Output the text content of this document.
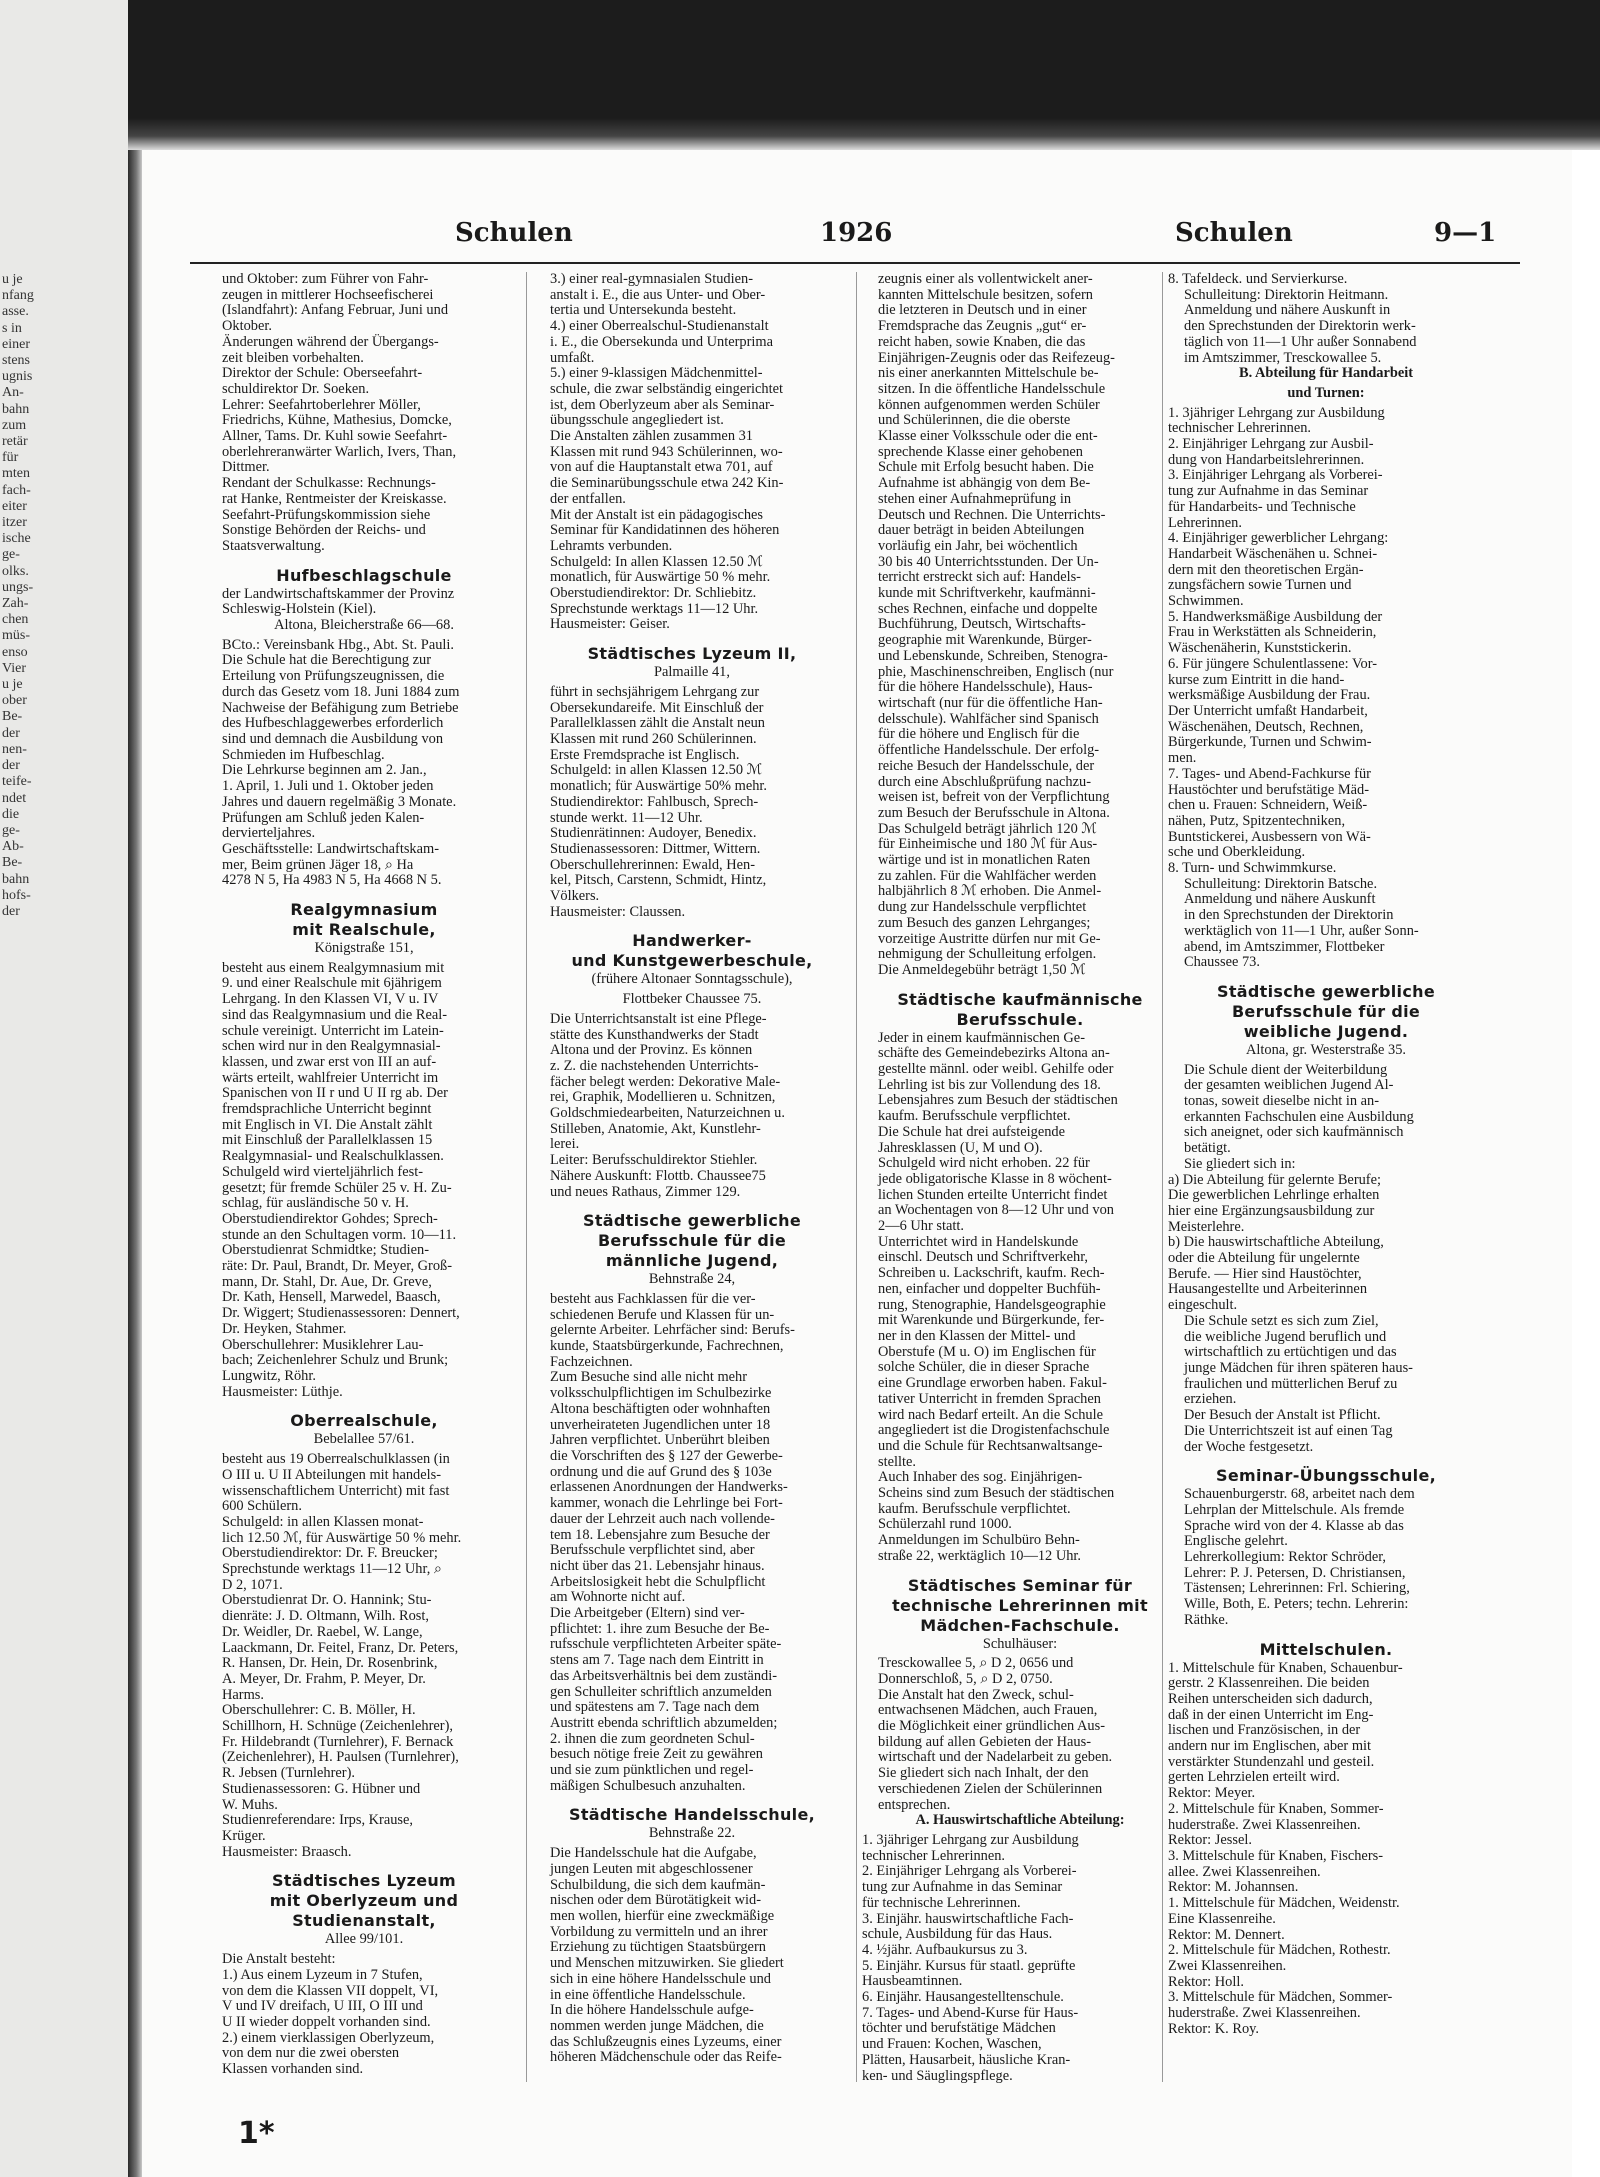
u je
nfang
asse.
s in
einer
stens
ugnis
An-
bahn
zum
retär
für
mten
fach-
eiter
itzer
ische
ge-
olks.
ungs-
Zah-
chen
müs-
enso
Vier
u je
ober
Be-
der
nen-
der
teife-
ndet
die
ge-
Ab-
Be-
bahn
hofs-
der
Schulen	1926	Schulen	9—1
und Oktober: zum Führer von Fahr-
zeugen in mittlerer Hochseefischerei
(Islandfahrt): Anfang Februar, Juni und
Oktober.
Änderungen während der Übergangs-
zeit bleiben vorbehalten.
Direktor der Schule: Oberseefahrt-
schuldirektor Dr. Soeken.
Lehrer: Seefahrtoberlehrer Möller,
Friedrichs, Kühne, Mathesius, Domcke,
Allner, Tams. Dr. Kuhl sowie Seefahrt-
oberlehreranwärter Warlich, Ivers, Than,
Dittmer.
Rendant der Schulkasse: Rechnungs-
rat Hanke, Rentmeister der Kreiskasse.
Seefahrt-Prüfungskommission siehe
Sonstige Behörden der Reichs- und
Staatsverwaltung.
Hufbeschlagschule
der Landwirtschaftskammer der Provinz
Schleswig-Holstein (Kiel).

Altona, Bleicherstraße 66—68.

BCto.: Vereinsbank Hbg., Abt. St. Pauli.
Die Schule hat die Berechtigung zur
Erteilung von Prüfungszeugnissen, die
durch das Gesetz vom 18. Juni 1884 zum
Nachweise der Befähigung zum Betriebe
des Hufbeschlaggewerbes erforderlich
sind und demnach die Ausbildung von
Schmieden im Hufbeschlag.
Die Lehrkurse beginnen am 2. Jan.,
1. April, 1. Juli und 1. Oktober jeden
Jahres und dauern regelmäßig 3 Monate.
Prüfungen am Schluß jeden Kalen-
dervierteljahres.
Geschäftsstelle: Landwirtschaftskam-
mer, Beim grünen Jäger 18, ⌕ Ha
4278 N 5, Ha 4983 N 5, Ha 4668 N 5.
Realgymnasium
mit Realschule,

Königstraße 151,

besteht aus einem Realgymnasium mit
9. und einer Realschule mit 6jährigem
Lehrgang. In den Klassen VI, V u. IV
sind das Realgymnasium und die Real-
schule vereinigt. Unterricht im Latein-
schen wird nur in den Realgymnasial-
klassen, und zwar erst von III an auf-
wärts erteilt, wahlfreier Unterricht im
Spanischen von II r und U II rg ab. Der
fremdsprachliche Unterricht beginnt
mit Englisch in VI. Die Anstalt zählt
mit Einschluß der Parallelklassen 15
Realgymnasial- und Realschulklassen.
Schulgeld wird vierteljährlich fest-
gesetzt; für fremde Schüler 25 v. H. Zu-
schlag, für ausländische 50 v. H.
Oberstudiendirektor Gohdes; Sprech-
stunde an den Schultagen vorm. 10—11.
Oberstudienrat Schmidtke; Studien-
räte: Dr. Paul, Brandt, Dr. Meyer, Groß-
mann, Dr. Stahl, Dr. Aue, Dr. Greve,
Dr. Kath, Hensell, Marwedel, Baasch,
Dr. Wiggert; Studienassessoren: Dennert,
Dr. Heyken, Stahmer.
Oberschullehrer: Musiklehrer Lau-
bach; Zeichenlehrer Schulz und Brunk;
Lungwitz, Röhr.
Hausmeister: Lüthje.
Oberrealschule,

Bebelallee 57/61.

besteht aus 19 Oberrealschulklassen (in
O III u. U II Abteilungen mit handels-
wissenschaftlichem Unterricht) mit fast
600 Schülern.
Schulgeld: in allen Klassen monat-
lich 12.50 ℳ, für Auswärtige 50 % mehr.
Oberstudiendirektor: Dr. F. Breucker;
Sprechstunde werktags 11—12 Uhr, ⌕
D 2, 1071.
Oberstudienrat Dr. O. Hannink; Stu-
dienräte: J. D. Oltmann, Wilh. Rost,
Dr. Weidler, Dr. Raebel, W. Lange,
Laackmann, Dr. Feitel, Franz, Dr. Peters,
R. Hansen, Dr. Hein, Dr. Rosenbrink,
A. Meyer, Dr. Frahm, P. Meyer, Dr.
Harms.
Oberschullehrer: C. B. Möller, H.
Schillhorn, H. Schnüge (Zeichenlehrer),
Fr. Hildebrandt (Turnlehrer), F. Bernack
(Zeichenlehrer), H. Paulsen (Turnlehrer),
R. Jebsen (Turnlehrer).
Studienassessoren: G. Hübner und
W. Muhs.
Studienreferendare: Irps, Krause,
Krüger.
Hausmeister: Braasch.
Städtisches Lyzeum
mit Oberlyzeum und
Studienanstalt,

Allee 99/101.

Die Anstalt besteht:
1.) Aus einem Lyzeum in 7 Stufen,
von dem die Klassen VII doppelt, VI,
V und IV dreifach, U III, O III und
U II wieder doppelt vorhanden sind.
2.) einem vierklassigen Oberlyzeum,
von dem nur die zwei obersten
Klassen vorhanden sind.
3.) einer real-gymnasialen Studien-
anstalt i. E., die aus Unter- und Ober-
tertia und Untersekunda besteht.
4.) einer Oberrealschul-Studienanstalt
i. E., die Obersekunda und Unterprima
umfaßt.
5.) einer 9-klassigen Mädchenmittel-
schule, die zwar selbständig eingerichtet
ist, dem Oberlyzeum aber als Seminar-
übungsschule angegliedert ist.
Die Anstalten zählen zusammen 31
Klassen mit rund 943 Schülerinnen, wo-
von auf die Hauptanstalt etwa 701, auf
die Seminarübungsschule etwa 242 Kin-
der entfallen.
Mit der Anstalt ist ein pädagogisches
Seminar für Kandidatinnen des höheren
Lehramts verbunden.
Schulgeld: In allen Klassen 12.50 ℳ
monatlich, für Auswärtige 50 % mehr.
Oberstudiendirektor: Dr. Schliebitz.
Sprechstunde werktags 11—12 Uhr.
Hausmeister: Geiser.
Städtisches Lyzeum II,

Palmaille 41,

führt in sechsjährigem Lehrgang zur
Obersekundareife. Mit Einschluß der
Parallelklassen zählt die Anstalt neun
Klassen mit rund 260 Schülerinnen.
Erste Fremdsprache ist Englisch.
Schulgeld: in allen Klassen 12.50 ℳ
monatlich; für Auswärtige 50% mehr.
Studiendirektor: Fahlbusch, Sprech-
stunde werkt. 11—12 Uhr.
Studienrätinnen: Audoyer, Benedix.
Studienassessoren: Dittmer, Wittern.
Oberschullehrerinnen: Ewald, Hen-
kel, Pitsch, Carstenn, Schmidt, Hintz,
Völkers.
Hausmeister: Claussen.
Handwerker-
und Kunstgewerbeschule,

(frühere Altonaer Sonntagsschule),

Flottbeker Chaussee 75.

Die Unterrichtsanstalt ist eine Pflege-
stätte des Kunsthandwerks der Stadt
Altona und der Provinz. Es können
z. Z. die nachstehenden Unterrichts-
fächer belegt werden: Dekorative Male-
rei, Graphik, Modellieren u. Schnitzen,
Goldschmiedearbeiten, Naturzeichnen u.
Stilleben, Anatomie, Akt, Kunstlehr-
lerei.
Leiter: Berufsschuldirektor Stiehler.
Nähere Auskunft: Flottb. Chaussee75
und neues Rathaus, Zimmer 129.
Städtische gewerbliche
Berufsschule für die
männliche Jugend,

Behnstraße 24,

besteht aus Fachklassen für die ver-
schiedenen Berufe und Klassen für un-
gelernte Arbeiter. Lehrfächer sind: Berufs-
kunde, Staatsbürgerkunde, Fachrechnen,
Fachzeichnen.
Zum Besuche sind alle nicht mehr
volksschulpflichtigen im Schulbezirke
Altona beschäftigten oder wohnhaften
unverheirateten Jugendlichen unter 18
Jahren verpflichtet. Unberührt bleiben
die Vorschriften des § 127 der Gewerbe-
ordnung und die auf Grund des § 103e
erlassenen Anordnungen der Handwerks-
kammer, wonach die Lehrlinge bei Fort-
dauer der Lehrzeit auch nach vollende-
tem 18. Lebensjahre zum Besuche der
Berufsschule verpflichtet sind, aber
nicht über das 21. Lebensjahr hinaus.
Arbeitslosigkeit hebt die Schulpflicht
am Wohnorte nicht auf.
Die Arbeitgeber (Eltern) sind ver-
pflichtet: 1. ihre zum Besuche der Be-
rufsschule verpflichteten Arbeiter späte-
stens am 7. Tage nach dem Eintritt in
das Arbeitsverhältnis bei dem zuständi-
gen Schulleiter schriftlich anzumelden
und spätestens am 7. Tage nach dem
Austritt ebenda schriftlich abzumelden;
2. ihnen die zum geordneten Schul-
besuch nötige freie Zeit zu gewähren
und sie zum pünktlichen und regel-
mäßigen Schulbesuch anzuhalten.
Städtische Handelsschule,

Behnstraße 22.

Die Handelsschule hat die Aufgabe,
jungen Leuten mit abgeschlossener
Schulbildung, die sich dem kaufmän-
nischen oder dem Bürotätigkeit wid-
men wollen, hierfür eine zweckmäßige
Vorbildung zu vermitteln und an ihrer
Erziehung zu tüchtigen Staatsbürgern
und Menschen mitzuwirken. Sie gliedert
sich in eine höhere Handelsschule und
in eine öffentliche Handelsschule.
In die höhere Handelsschule aufge-
nommen werden junge Mädchen, die
das Schlußzeugnis eines Lyzeums, einer
höheren Mädchenschule oder das Reife-
zeugnis einer als vollentwickelt aner-
kannten Mittelschule besitzen, sofern
die letzteren in Deutsch und in einer
Fremdsprache das Zeugnis „gut“ er-
reicht haben, sowie Knaben, die das
Einjährigen-Zeugnis oder das Reifezeug-
nis einer anerkannten Mittelschule be-
sitzen. In die öffentliche Handelsschule
können aufgenommen werden Schüler
und Schülerinnen, die die oberste
Klasse einer Volksschule oder die ent-
sprechende Klasse einer gehobenen
Schule mit Erfolg besucht haben. Die
Aufnahme ist abhängig von dem Be-
stehen einer Aufnahmeprüfung in
Deutsch und Rechnen. Die Unterrichts-
dauer beträgt in beiden Abteilungen
vorläufig ein Jahr, bei wöchentlich
30 bis 40 Unterrichtsstunden. Der Un-
terricht erstreckt sich auf: Handels-
kunde mit Schriftverkehr, kaufmänni-
sches Rechnen, einfache und doppelte
Buchführung, Deutsch, Wirtschafts-
geographie mit Warenkunde, Bürger-
und Lebenskunde, Schreiben, Stenogra-
phie, Maschinenschreiben, Englisch (nur
für die höhere Handelsschule), Haus-
wirtschaft (nur für die öffentliche Han-
delsschule). Wahlfächer sind Spanisch
für die höhere und Englisch für die
öffentliche Handelsschule. Der erfolg-
reiche Besuch der Handelsschule, der
durch eine Abschlußprüfung nachzu-
weisen ist, befreit von der Verpflichtung
zum Besuch der Berufsschule in Altona.
Das Schulgeld beträgt jährlich 120 ℳ
für Einheimische und 180 ℳ für Aus-
wärtige und ist in monatlichen Raten
zu zahlen. Für die Wahlfächer werden
halbjährlich 8 ℳ erhoben. Die Anmel-
dung zur Handelsschule verpflichtet
zum Besuch des ganzen Lehrganges;
vorzeitige Austritte dürfen nur mit Ge-
nehmigung der Schulleitung erfolgen.
Die Anmeldegebühr beträgt 1,50 ℳ
Städtische kaufmännische
Berufsschule.
Jeder in einem kaufmännischen Ge-
schäfte des Gemeindebezirks Altona an-
gestellte männl. oder weibl. Gehilfe oder
Lehrling ist bis zur Vollendung des 18.
Lebensjahres zum Besuch der städtischen
kaufm. Berufsschule verpflichtet.
Die Schule hat drei aufsteigende
Jahresklassen (U, M und O).
Schulgeld wird nicht erhoben. 22 für
jede obligatorische Klasse in 8 wöchent-
lichen Stunden erteilte Unterricht findet
an Wochentagen von 8—12 Uhr und von
2—6 Uhr statt.
Unterrichtet wird in Handelskunde
einschl. Deutsch und Schriftverkehr,
Schreiben u. Lackschrift, kaufm. Rech-
nen, einfacher und doppelter Buchfüh-
rung, Stenographie, Handelsgeographie
mit Warenkunde und Bürgerkunde, fer-
ner in den Klassen der Mittel- und
Oberstufe (M u. O) im Englischen für
solche Schüler, die in dieser Sprache
eine Grundlage erworben haben. Fakul-
tativer Unterricht in fremden Sprachen
wird nach Bedarf erteilt. An die Schule
angegliedert ist die Drogistenfachschule
und die Schule für Rechtsanwaltsange-
stellte.
Auch Inhaber des sog. Einjährigen-
Scheins sind zum Besuch der städtischen
kaufm. Berufsschule verpflichtet.
Schülerzahl rund 1000.
Anmeldungen im Schulbüro Behn-
straße 22, werktäglich 10—12 Uhr.
Städtisches Seminar für
technische Lehrerinnen mit
Mädchen-Fachschule.

Schulhäuser:

Tresckowallee 5, ⌕ D 2, 0656 und
Donnerschloß, 5, ⌕ D 2, 0750.
Die Anstalt hat den Zweck, schul-
entwachsenen Mädchen, auch Frauen,
die Möglichkeit einer gründlichen Aus-
bildung auf allen Gebieten der Haus-
wirtschaft und der Nadelarbeit zu geben.
Sie gliedert sich nach Inhalt, der den
verschiedenen Zielen der Schülerinnen
entsprechen.

A. Hauswirtschaftliche Abteilung:

1. 3jähriger Lehrgang zur Ausbildung
technischer Lehrerinnen.
2. Einjähriger Lehrgang als Vorberei-
tung zur Aufnahme in das Seminar
für technische Lehrerinnen.
3. Einjähr. hauswirtschaftliche Fach-
schule, Ausbildung für das Haus.
4. ½jähr. Aufbaukursus zu 3.
5. Einjähr. Kursus für staatl. geprüfte
Hausbeamtinnen.
6. Einjähr. Hausangestelltenschule.
7. Tages- und Abend-Kurse für Haus-
töchter und berufstätige Mädchen
und Frauen: Kochen, Waschen,
Plätten, Hausarbeit, häusliche Kran-
ken- und Säuglingspflege.
8. Tafeldeck. und Servierkurse.
Schulleitung: Direktorin Heitmann.
Anmeldung und nähere Auskunft in
den Sprechstunden der Direktorin werk-
täglich von 11—1 Uhr außer Sonnabend
im Amtszimmer, Tresckowallee 5.

B. Abteilung für Handarbeit

und Turnen:

1. 3jähriger Lehrgang zur Ausbildung
technischer Lehrerinnen.
2. Einjähriger Lehrgang zur Ausbil-
dung von Handarbeitslehrerinnen.
3. Einjähriger Lehrgang als Vorberei-
tung zur Aufnahme in das Seminar
für Handarbeits- und Technische
Lehrerinnen.
4. Einjähriger gewerblicher Lehrgang:
Handarbeit Wäschenähen u. Schnei-
dern mit den theoretischen Ergän-
zungsfächern sowie Turnen und
Schwimmen.
5. Handwerksmäßige Ausbildung der
Frau in Werkstätten als Schneiderin,
Wäschenäherin, Kunststickerin.
6. Für jüngere Schulentlassene: Vor-
kurse zum Eintritt in die hand-
werksmäßige Ausbildung der Frau.
Der Unterricht umfaßt Handarbeit,
Wäschenähen, Deutsch, Rechnen,
Bürgerkunde, Turnen und Schwim-
men.
7. Tages- und Abend-Fachkurse für
Haustöchter und berufstätige Mäd-
chen u. Frauen: Schneidern, Weiß-
nähen, Putz, Spitzentechniken,
Buntstickerei, Ausbessern von Wä-
sche und Oberkleidung.
8. Turn- und Schwimmkurse.
Schulleitung: Direktorin Batsche.
Anmeldung und nähere Auskunft
in den Sprechstunden der Direktorin
werktäglich von 11—1 Uhr, außer Sonn-
abend, im Amtszimmer, Flottbeker
Chaussee 73.
Städtische gewerbliche
Berufsschule für die
weibliche Jugend.

Altona, gr. Westerstraße 35.

Die Schule dient der Weiterbildung
der gesamten weiblichen Jugend Al-
tonas, soweit dieselbe nicht in an-
erkannten Fachschulen eine Ausbildung
sich aneignet, oder sich kaufmännisch
betätigt.
Sie gliedert sich in:
a) Die Abteilung für gelernte Berufe;
Die gewerblichen Lehrlinge erhalten
hier eine Ergänzungsausbildung zur
Meisterlehre.
b) Die hauswirtschaftliche Abteilung,
oder die Abteilung für ungelernte
Berufe. — Hier sind Haustöchter,
Hausangestellte und Arbeiterinnen
eingeschult.
Die Schule setzt es sich zum Ziel,
die weibliche Jugend beruflich und
wirtschaftlich zu ertüchtigen und das
junge Mädchen für ihren späteren haus-
fraulichen und mütterlichen Beruf zu
erziehen.
Der Besuch der Anstalt ist Pflicht.
Die Unterrichtszeit ist auf einen Tag
der Woche festgesetzt.
Seminar-Übungsschule,
Schauenburgerstr. 68, arbeitet nach dem
Lehrplan der Mittelschule. Als fremde
Sprache wird von der 4. Klasse ab das
Englische gelehrt.
Lehrerkollegium: Rektor Schröder,
Lehrer: P. J. Petersen, D. Christiansen,
Tästensen; Lehrerinnen: Frl. Schiering,
Wille, Both, E. Peters; techn. Lehrerin:
Räthke.
Mittelschulen.
1. Mittelschule für Knaben, Schauenbur-
gerstr. 2 Klassenreihen. Die beiden
Reihen unterscheiden sich dadurch,
daß in der einen Unterricht im Eng-
lischen und Französischen, in der
andern nur im Englischen, aber mit
verstärkter Stundenzahl und gesteil.
gerten Lehrzielen erteilt wird.
Rektor: Meyer.
2. Mittelschule für Knaben, Sommer-
huderstraße. Zwei Klassenreihen.
Rektor: Jessel.
3. Mittelschule für Knaben, Fischers-
allee. Zwei Klassenreihen.
Rektor: M. Johannsen.
1. Mittelschule für Mädchen, Weidenstr.
Eine Klassenreihe.
Rektor: M. Dennert.
2. Mittelschule für Mädchen, Rothestr.
Zwei Klassenreihen.
Rektor: Holl.
3. Mittelschule für Mädchen, Sommer-
huderstraße. Zwei Klassenreihen.
Rektor: K. Roy.
1*
